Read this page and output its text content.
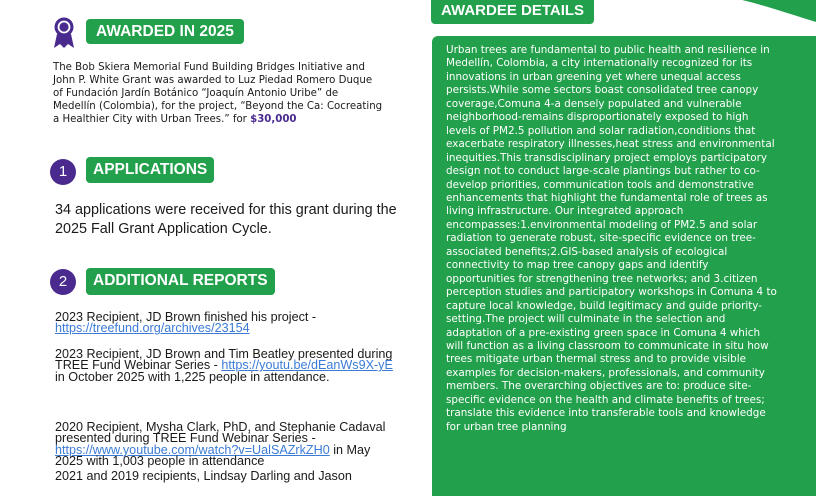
AWARDED IN 2025

The Bob Skiera Memorial Fund Building Bridges Initiative and John P. White Grant was awarded to Luz Piedad Romero Duque of Fundación Jardín Botánico “Joaquín Antonio Uribe” de Medellín (Colombia), for the project, “Beyond the Ca: Cocreating a Healthier City with Urban Trees.” for $30,000

1	APPLICATIONS

34 applications were received for this grant during the 2025 Fall Grant Application Cycle.

2	ADDITIONAL REPORTS

2023 Recipient, JD Brown finished his project - https://treefund.org/archives/23154

2023 Recipient, JD Brown and Tim Beatley presented during TREE Fund Webinar Series - https://youtu.be/dEanWs9X-yE in October 2025 with 1,225 people in attendance.

2020 Recipient, Mysha Clark, PhD, and Stephanie Cadaval presented during TREE Fund Webinar Series - https://www.youtube.com/watch?v=UalSAZrkZH0 in May 2025 with 1,003 people in attendance

2021 and 2019 recipients, Lindsay Darling and Jason

AWARDEE DETAILS

Urban trees are fundamental to public health and resilience in Medellín, Colombia, a city internationally recognized for its innovations in urban greening yet where unequal access persists.While some sectors boast consolidated tree canopy coverage,Comuna 4-a densely populated and vulnerable neighborhood-remains disproportionately exposed to high levels of PM2.5 pollution and solar radiation,conditions that exacerbate respiratory illnesses,heat stress and environmental inequities.This transdisciplinary project employs participatory design not to conduct large-scale plantings but rather to co-develop priorities, communication tools and demonstrative enhancements that highlight the fundamental role of trees as living infrastructure. Our integrated approach encompasses:1.environmental modeling of PM2.5 and solar radiation to generate robust, site-specific evidence on tree-associated benefits;2.GIS-based analysis of ecological connectivity to map tree canopy gaps and identify opportunities for strengthening tree networks; and 3.citizen perception studies and participatory workshops in Comuna 4 to capture local knowledge, build legitimacy and guide priority-setting.The project will culminate in the selection and adaptation of a pre-existing green space in Comuna 4 which will function as a living classroom to communicate in situ how trees mitigate urban thermal stress and to provide visible examples for decision-makers, professionals, and community members. The overarching objectives are to: produce site-specific evidence on the health and climate benefits of trees; translate this evidence into transferable tools and knowledge for urban tree planning
